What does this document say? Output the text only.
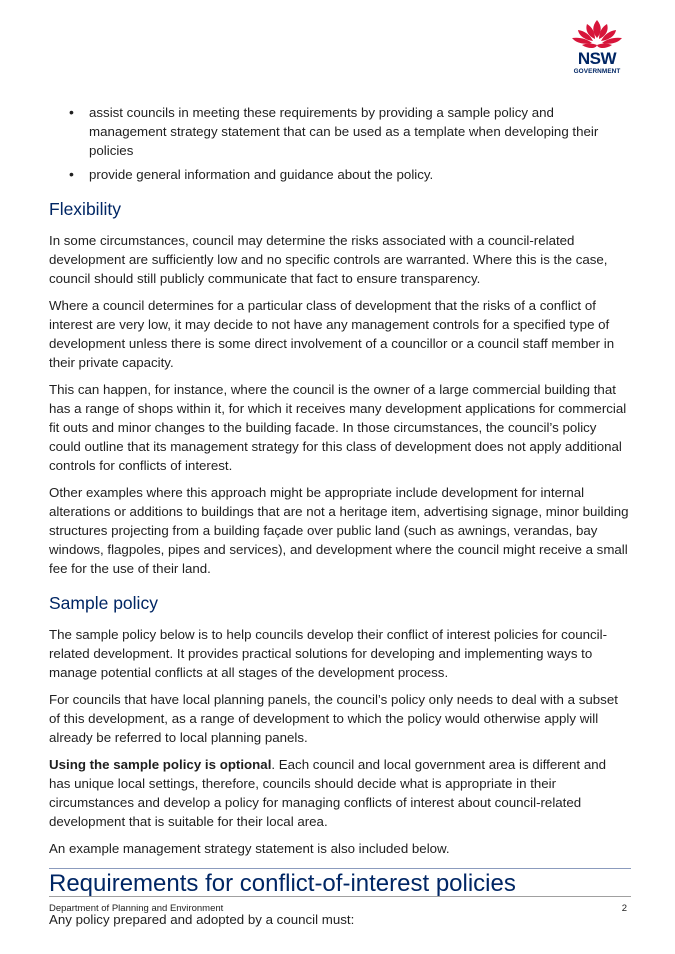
NSW
GOVERNMENT
• assist councils in meeting these requirements by providing a sample policy and management strategy statement that can be used as a template when developing their policies
• provide general information and guidance about the policy.
Flexibility

In some circumstances, council may determine the risks associated with a council-related development are sufficiently low and no specific controls are warranted. Where this is the case, council should still publicly communicate that fact to ensure transparency.

Where a council determines for a particular class of development that the risks of a conflict of interest are very low, it may decide to not have any management controls for a specified type of development unless there is some direct involvement of a councillor or a council staff member in their private capacity.

This can happen, for instance, where the council is the owner of a large commercial building that has a range of shops within it, for which it receives many development applications for commercial fit outs and minor changes to the building facade. In those circumstances, the council’s policy could outline that its management strategy for this class of development does not apply additional controls for conflicts of interest.

Other examples where this approach might be appropriate include development for internal alterations or additions to buildings that are not a heritage item, advertising signage, minor building structures projecting from a building façade over public land (such as awnings, verandas, bay windows, flagpoles, pipes and services), and development where the council might receive a small fee for the use of their land.

Sample policy

The sample policy below is to help councils develop their conflict of interest policies for council-related development. It provides practical solutions for developing and implementing ways to manage potential conflicts at all stages of the development process.

For councils that have local planning panels, the council’s policy only needs to deal with a subset of this development, as a range of development to which the policy would otherwise apply will already be referred to local planning panels.

Using the sample policy is optional. Each council and local government area is different and has unique local settings, therefore, councils should decide what is appropriate in their circumstances and develop a policy for managing conflicts of interest about council-related development that is suitable for their local area.

An example management strategy statement is also included below.

Requirements for conflict-of-interest policies

Any policy prepared and adopted by a council must:

Department of Planning and Environment	2
